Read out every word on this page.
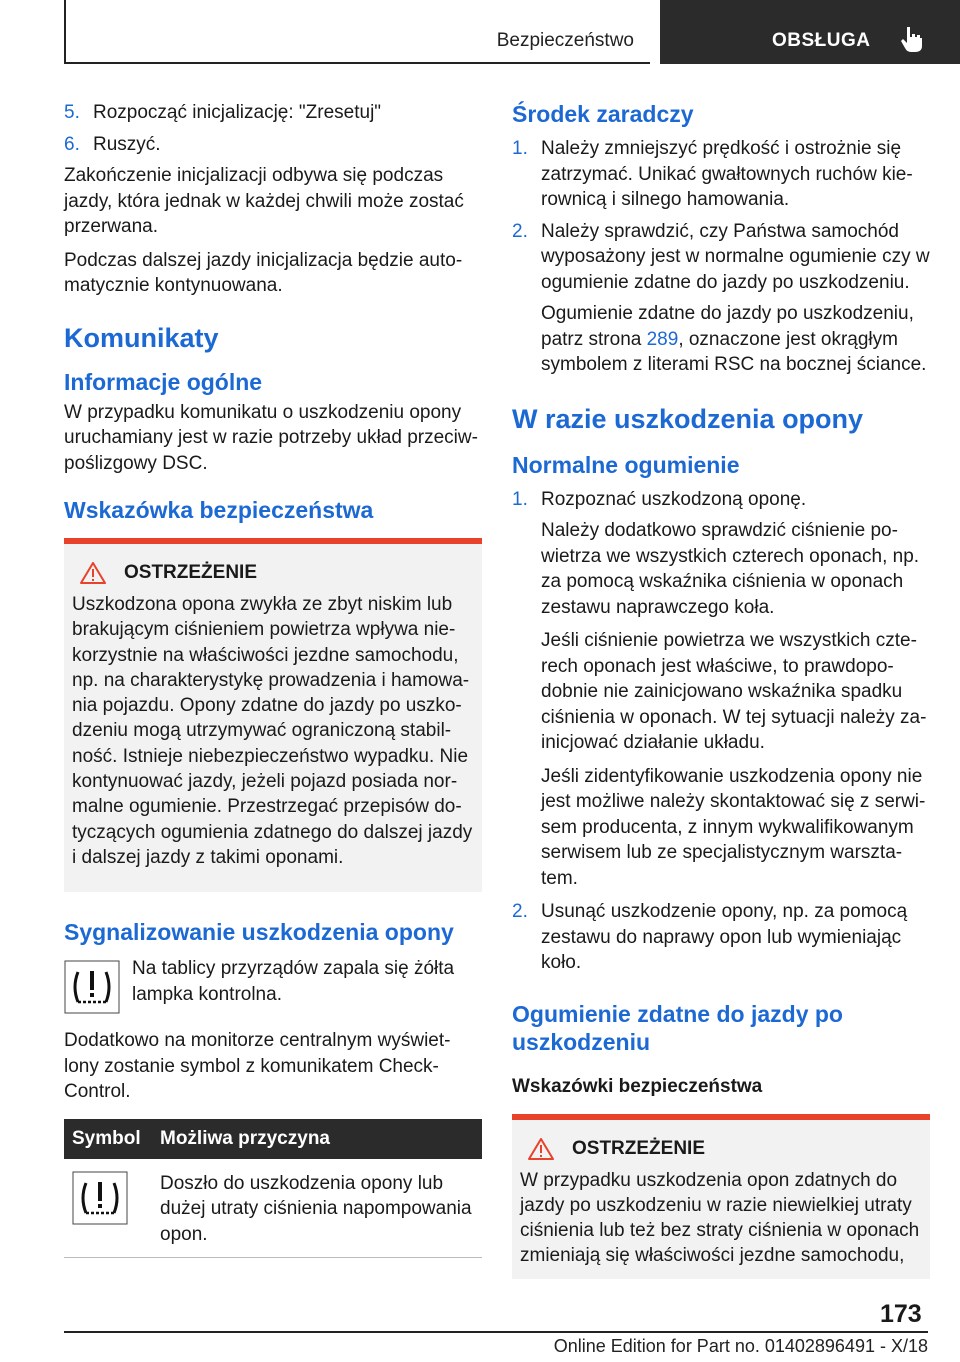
Bezpieczeństwo	OBSŁUGA
5. Rozpocząć inicjalizację: "Zresetuj"
6. Ruszyć.

Zakończenie inicjalizacji odbywa się podczas jazdy, która jednak w każdej chwili może zostać przerwana.

Podczas dalszej jazdy inicjalizacja będzie auto-matycznie kontynuowana.

Komunikaty
Informacje ogólne

W przypadku komunikatu o uszkodzeniu opony uruchamiany jest w razie potrzeby układ przeciw-poślizgowy DSC.

Wskazówka bezpieczeństwa
OSTRZEŻENIE

Uszkodzona opona zwykła ze zbyt niskim lub brakującym ciśnieniem powietrza wpływa nie-korzystnie na właściwości jezdne samochodu, np. na charakterystykę prowadzenia i hamowa-nia pojazdu. Opony zdatne do jazdy po uszko-dzeniu mogą utrzymywać ograniczoną stabil-ność. Istnieje niebezpieczeństwo wypadku. Nie kontynuować jazdy, jeżeli pojazd posiada nor-malne ogumienie. Przestrzegać przepisów do-tyczących ogumienia zdatnego do dalszej jazdy i dalszej jazdy z takimi oponami.

Sygnalizowanie uszkodzenia opony

Na tablicy przyrządów zapala się żółta lampka kontrolna.

Dodatkowo na monitorze centralnym wyświet-lony zostanie symbol z komunikatem Check-Control.

Symbol	Możliwa przyczyna
	Doszło do uszkodzenia opony lub dużej utraty ciśnienia napompowania opon.
Środek zaradczy
1. Należy zmniejszyć prędkość i ostrożnie się zatrzymać. Unikać gwałtownych ruchów kie-rownicą i silnego hamowania.
2. Należy sprawdzić, czy Państwa samochód wyposażony jest w normalne ogumienie czy w ogumienie zdatne do jazdy po uszkodzeniu.

Ogumienie zdatne do jazdy po uszkodzeniu, patrz strona 289, oznaczone jest okrągłym symbolem z literami RSC na bocznej ściance.

W razie uszkodzenia opony
Normalne ogumienie
1. Rozpoznać uszkodzoną oponę.

Należy dodatkowo sprawdzić ciśnienie po-wietrza we wszystkich czterech oponach, np. za pomocą wskaźnika ciśnienia w oponach zestawu naprawczego koła.

Jeśli ciśnienie powietrza we wszystkich czte-rech oponach jest właściwe, to prawdopo-dobnie nie zainicjowano wskaźnika spadku ciśnienia w oponach. W tej sytuacji należy za-inicjować działanie układu.

Jeśli zidentyfikowanie uszkodzenia opony nie jest możliwe należy skontaktować się z serwi-sem producenta, z innym wykwalifikowanym serwisem lub ze specjalistycznym warszta-tem.

2. Usunąć uszkodzenie opony, np. za pomocą zestawu do naprawy opon lub wymieniając koło.
Ogumienie zdatne do jazdy po uszkodzeniu
Wskazówki bezpieczeństwa
OSTRZEŻENIE

W przypadku uszkodzenia opon zdatnych do jazdy po uszkodzeniu w razie niewielkiej utraty ciśnienia lub też bez straty ciśnienia w oponach zmieniają się właściwości jezdne samochodu,

173
Online Edition for Part no. 01402896491 - X/18
